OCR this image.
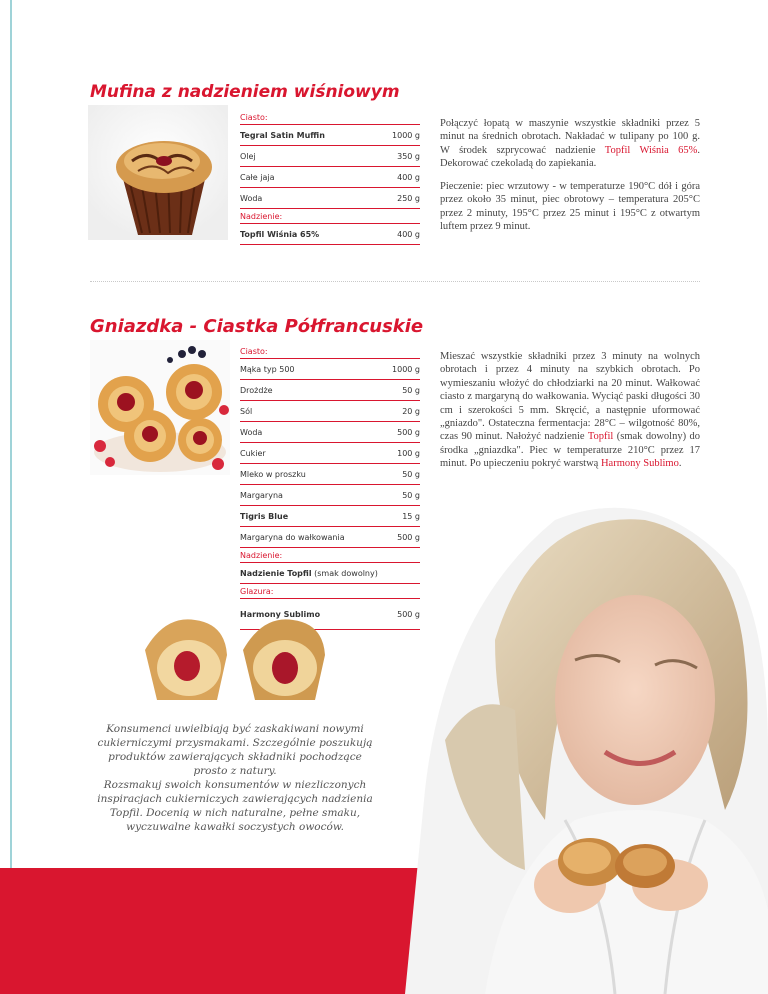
Mufina z nadzieniem wiśniowym
Ciasto:	
Tegral Satin Muffin	1000 g
Olej	350 g
Całe jaja	400 g
Woda	250 g
Nadzienie:	
Topfil Wiśnia 65%	400 g

Połączyć łopatą w maszynie wszystkie składniki przez 5 minut na średnich obrotach. Nakładać w tulipany po 100 g. W środek szprycować nadzienie Topfil Wiśnia 65%. Dekorować czekoladą do zapiekania.

Pieczenie: piec wrzutowy - w temperaturze 190°C dół i góra przez około 35 minut, piec obrotowy – temperatura 205°C przez 2 minuty, 195°C przez 25 minut i 195°C z otwartym luftem przez 9 minut.

Gniazdka - Ciastka Półfrancuskie
Ciasto:	
Mąka typ 500	1000 g
Drożdże	50 g
Sól	20 g
Woda	500 g
Cukier	100 g
Mleko w proszku	50 g
Margaryna	50 g
Tigris Blue	15 g
Margaryna do wałkowania	500 g
Nadzienie:	
Nadzienie Topfil (smak dowolny)	
Glazura:	
Harmony Sublimo	500 g

Mieszać wszystkie składniki przez 3 minuty na wolnych obrotach i przez 4 minuty na szybkich obrotach. Po wymieszaniu włożyć do chłodziarki na 20 minut. Wałkować ciasto z margaryną do wałkowania. Wyciąć paski długości 30 cm i szerokości 5 mm. Skręcić, a następnie uformować „gniazdo". Ostateczna fermentacja: 28°C – wilgotność 80%, czas 90 minut. Nałożyć nadzienie Topfil (smak dowolny) do środka „gniazdka". Piec w temperaturze 210°C przez 17 minut. Po upieczeniu pokryć warstwą Harmony Sublimo.

Konsumenci uwielbiają być zaskakiwani nowymi cukierniczymi przysmakami. Szczególnie poszukują produktów zawierających składniki pochodzące prosto z natury.

Rozsmakuj swoich konsumentów w niezliczonych inspiracjach cukierniczych zawierających nadzienia Topfil. Docenią w nich naturalne, pełne smaku, wyczuwalne kawałki soczystych owoców.
